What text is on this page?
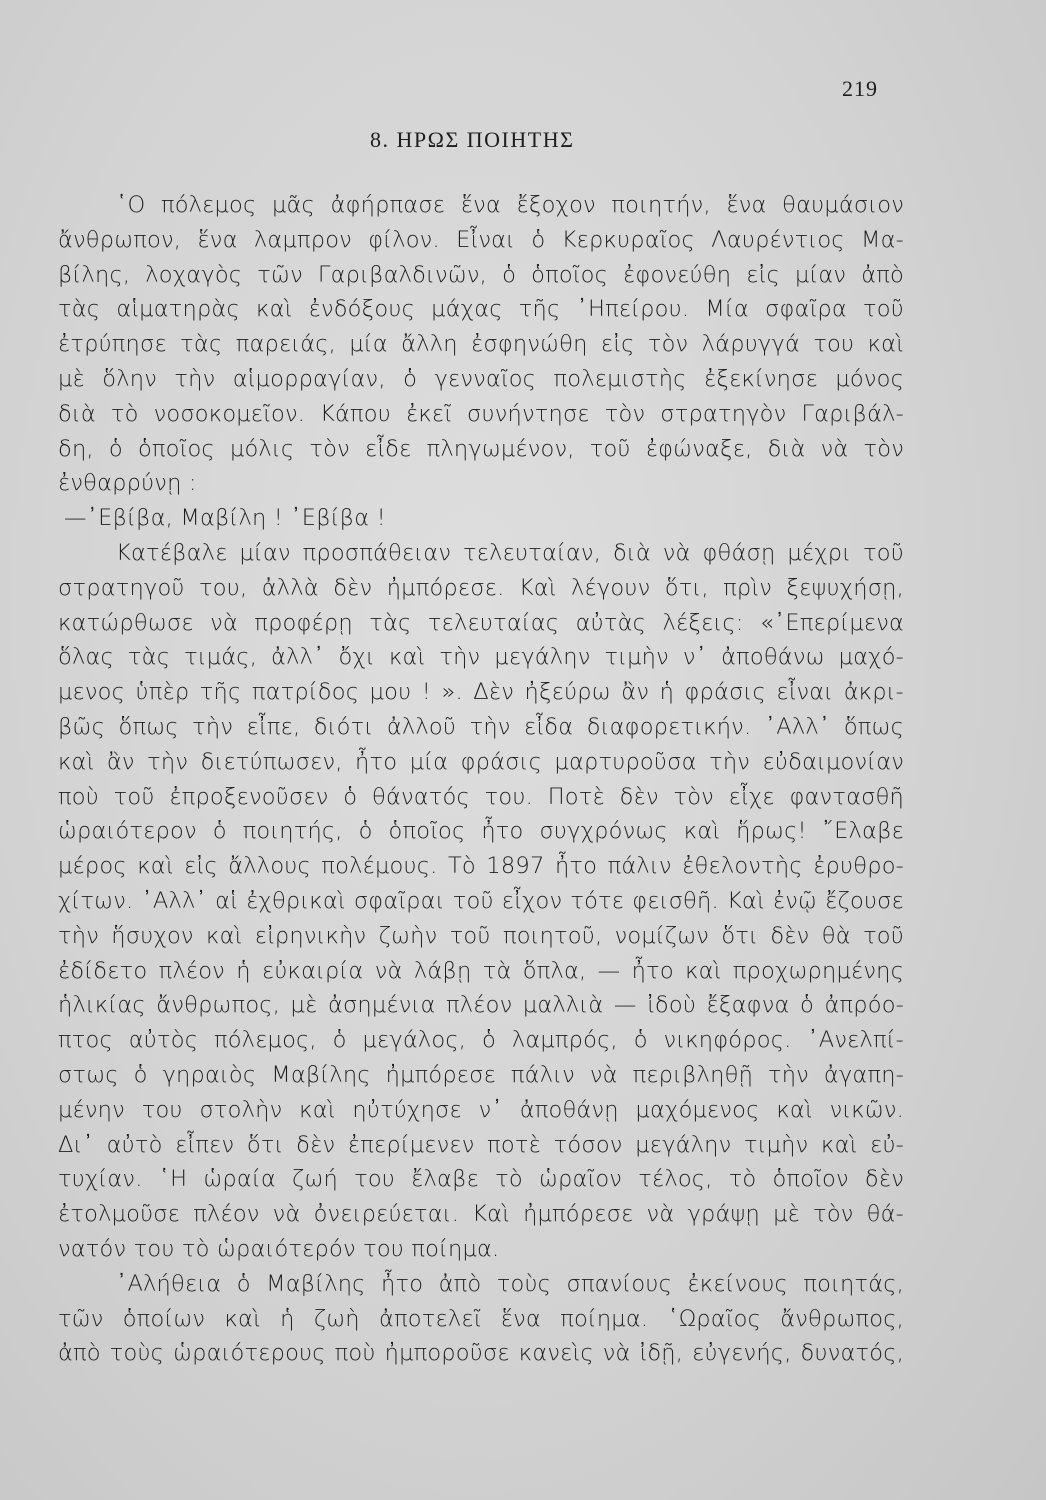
219
8. ΗΡΩΣ ΠΟΙΗΤΗΣ
῾Ο πόλεμος μᾶς ἀφήρπασε ἕνα ἔξοχον ποιητήν, ἕνα θαυμάσιον
ἄνθρωπον, ἕνα λαμπρον φίλον. Εἶναι ὁ Κερκυραῖος Λαυρέντιος Μα-
βίλης, λοχαγὸς τῶν Γαριβαλδινῶν, ὁ ὁποῖος ἐφονεύθη εἰς μίαν ἀπὸ
τὰς αἱματηρὰς καὶ ἐνδόξους μάχας τῆς ᾿Ηπείρου. Μία σφαῖρα τοῦ
ἐτρύπησε τὰς παρειάς, μία ἄλλη ἐσφηνώθη εἰς τὸν λάρυγγά του καὶ
μὲ ὅλην τὴν αἱμορραγίαν, ὁ γενναῖος πολεμιστὴς ἐξεκίνησε μόνος
διὰ τὸ νοσοκομεῖον. Κάπου ἐκεῖ συνήντησε τὸν στρατηγὸν Γαριβάλ-
δη, ὁ ὁποῖος μόλις τὸν εἶδε πληγωμένον, τοῦ ἐφώναξε, διὰ νὰ τὸν
ἐνθαρρύνῃ :
—᾿Εβίβα, Μαβίλη ! ᾿Εβίβα !
Κατέβαλε μίαν προσπάθειαν τελευταίαν, διὰ νὰ φθάσῃ μέχρι τοῦ
στρατηγοῦ του, ἀλλὰ δὲν ἠμπόρεσε. Καὶ λέγουν ὅτι, πρὶν ξεψυχήσῃ,
κατώρθωσε νὰ προφέρῃ τὰς τελευταίας αὐτὰς λέξεις: «᾿Επερίμενα
ὅλας τὰς τιμάς, ἀλλ᾿ ὄχι καὶ τὴν μεγάλην τιμὴν ν᾿ ἀποθάνω μαχό-
μενος ὑπὲρ τῆς πατρίδος μου ! ». Δὲν ἠξεύρω ἂν ἡ φράσις εἶναι ἀκρι-
βῶς ὅπως τὴν εἶπε, διότι ἀλλοῦ τὴν εἶδα διαφορετικήν. ᾿Αλλ᾿ ὅπως
καὶ ἂν τὴν διετύπωσεν, ἦτο μία φράσις μαρτυροῦσα τὴν εὐδαιμονίαν
ποὺ τοῦ ἐπροξενοῦσεν ὁ θάνατός του. Ποτὲ δὲν τὸν εἶχε φαντασθῆ
ὡραιότερον ὁ ποιητής, ὁ ὁποῖος ἦτο συγχρόνως καὶ ἥρως! ῎Ελαβε
μέρος καὶ εἰς ἄλλους πολέμους. Τὸ 1897 ἦτο πάλιν ἐθελοντὴς ἐρυθρο-
χίτων. ᾿Αλλ᾿ αἱ ἐχθρικαὶ σφαῖραι τοῦ εἶχον τότε φεισθῆ. Καὶ ἐνῷ ἔζουσε
τὴν ἥσυχον καὶ εἰρηνικὴν ζωὴν τοῦ ποιητοῦ, νομίζων ὅτι δὲν θὰ τοῦ
ἐδίδετο πλέον ἡ εὐκαιρία νὰ λάβῃ τὰ ὅπλα, — ἦτο καὶ προχωρημένης
ἡλικίας ἄνθρωπος, μὲ ἀσημένια πλέον μαλλιὰ — ἰδοὺ ἔξαφνα ὁ ἀπρόο-
πτος αὐτὸς πόλεμος, ὁ μεγάλος, ὁ λαμπρός, ὁ νικηφόρος. ᾿Ανελπί-
στως ὁ γηραιὸς Μαβίλης ἠμπόρεσε πάλιν νὰ περιβληθῇ τὴν ἀγαπη-
μένην του στολὴν καὶ ηὐτύχησε ν᾿ ἀποθάνῃ μαχόμενος καὶ νικῶν.
Δι᾿ αὐτὸ εἶπεν ὅτι δὲν ἐπερίμενεν ποτὲ τόσον μεγάλην τιμὴν καὶ εὐ-
τυχίαν. ῾Η ὡραία ζωή του ἔλαβε τὸ ὡραῖον τέλος, τὸ ὁποῖον δὲν
ἐτολμοῦσε πλέον νὰ ὀνειρεύεται. Καὶ ἠμπόρεσε νὰ γράψῃ μὲ τὸν θά-
νατόν του τὸ ὡραιότερόν του ποίημα.
᾿Αλήθεια ὁ Μαβίλης ἦτο ἀπὸ τοὺς σπανίους ἐκείνους ποιητάς,
τῶν ὁποίων καὶ ἡ ζωὴ ἀποτελεῖ ἕνα ποίημα. ῾Ωραῖος ἄνθρωπος,
ἀπὸ τοὺς ὡραιότερους ποὺ ἠμποροῦσε κανεὶς νὰ ἰδῇ, εὐγενής, δυνατός,
